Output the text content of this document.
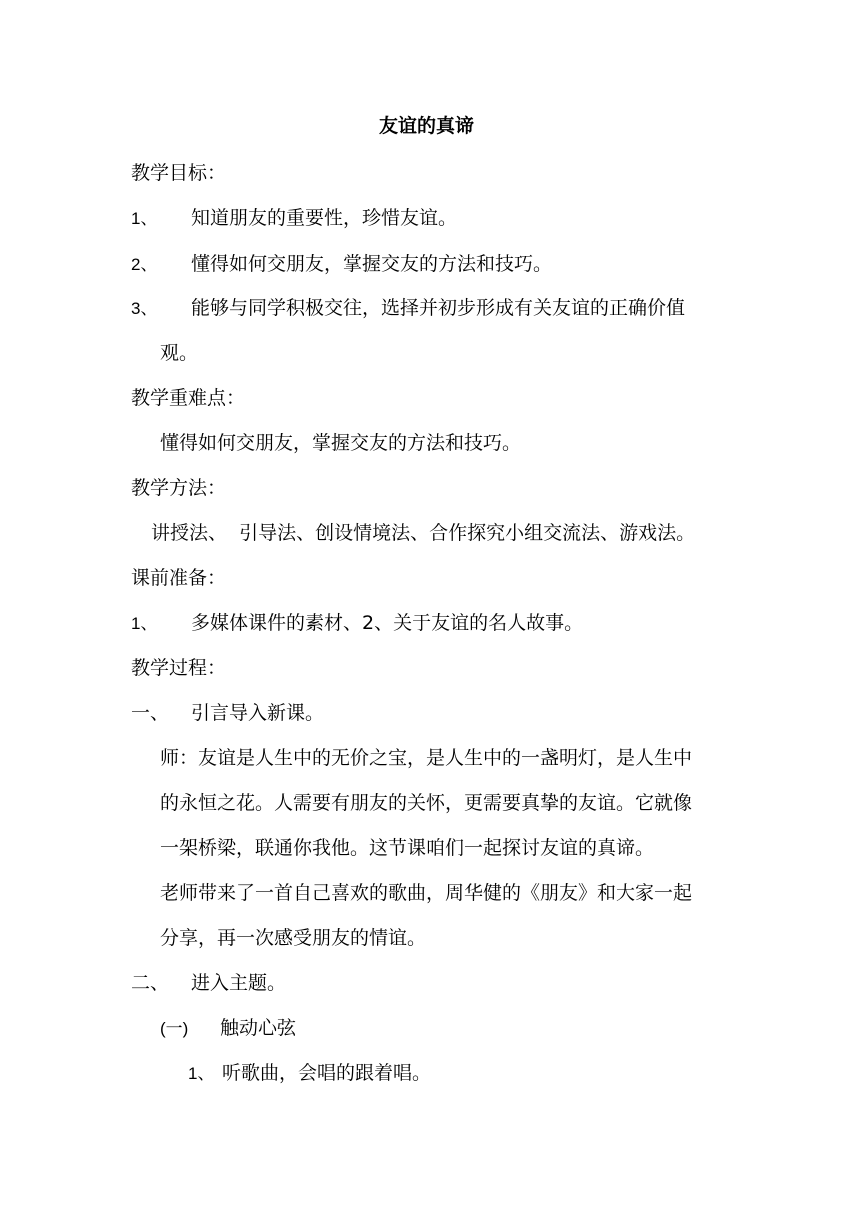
友谊的真谛
教学目标：
1、 知道朋友的重要性，珍惜友谊。
2、 懂得如何交朋友，掌握交友的方法和技巧。
3、 能够与同学积极交往，选择并初步形成有关友谊的正确价值
观。
教学重难点：
懂得如何交朋友，掌握交友的方法和技巧。
教学方法：
讲授法、  引导法、创设情境法、合作探究小组交流法、游戏法。
课前准备：
1、 多媒体课件的素材、2、关于友谊的名人故事。
教学过程：
一、 引言导入新课。
师：友谊是人生中的无价之宝，是人生中的一盏明灯，是人生中
的永恒之花。人需要有朋友的关怀，更需要真挚的友谊。它就像
一架桥梁，联通你我他。这节课咱们一起探讨友谊的真谛。
老师带来了一首自己喜欢的歌曲，周华健的《朋友》和大家一起
分享，再一次感受朋友的情谊。
二、 进入主题。
(一) 触动心弦
1、 听歌曲，会唱的跟着唱。
